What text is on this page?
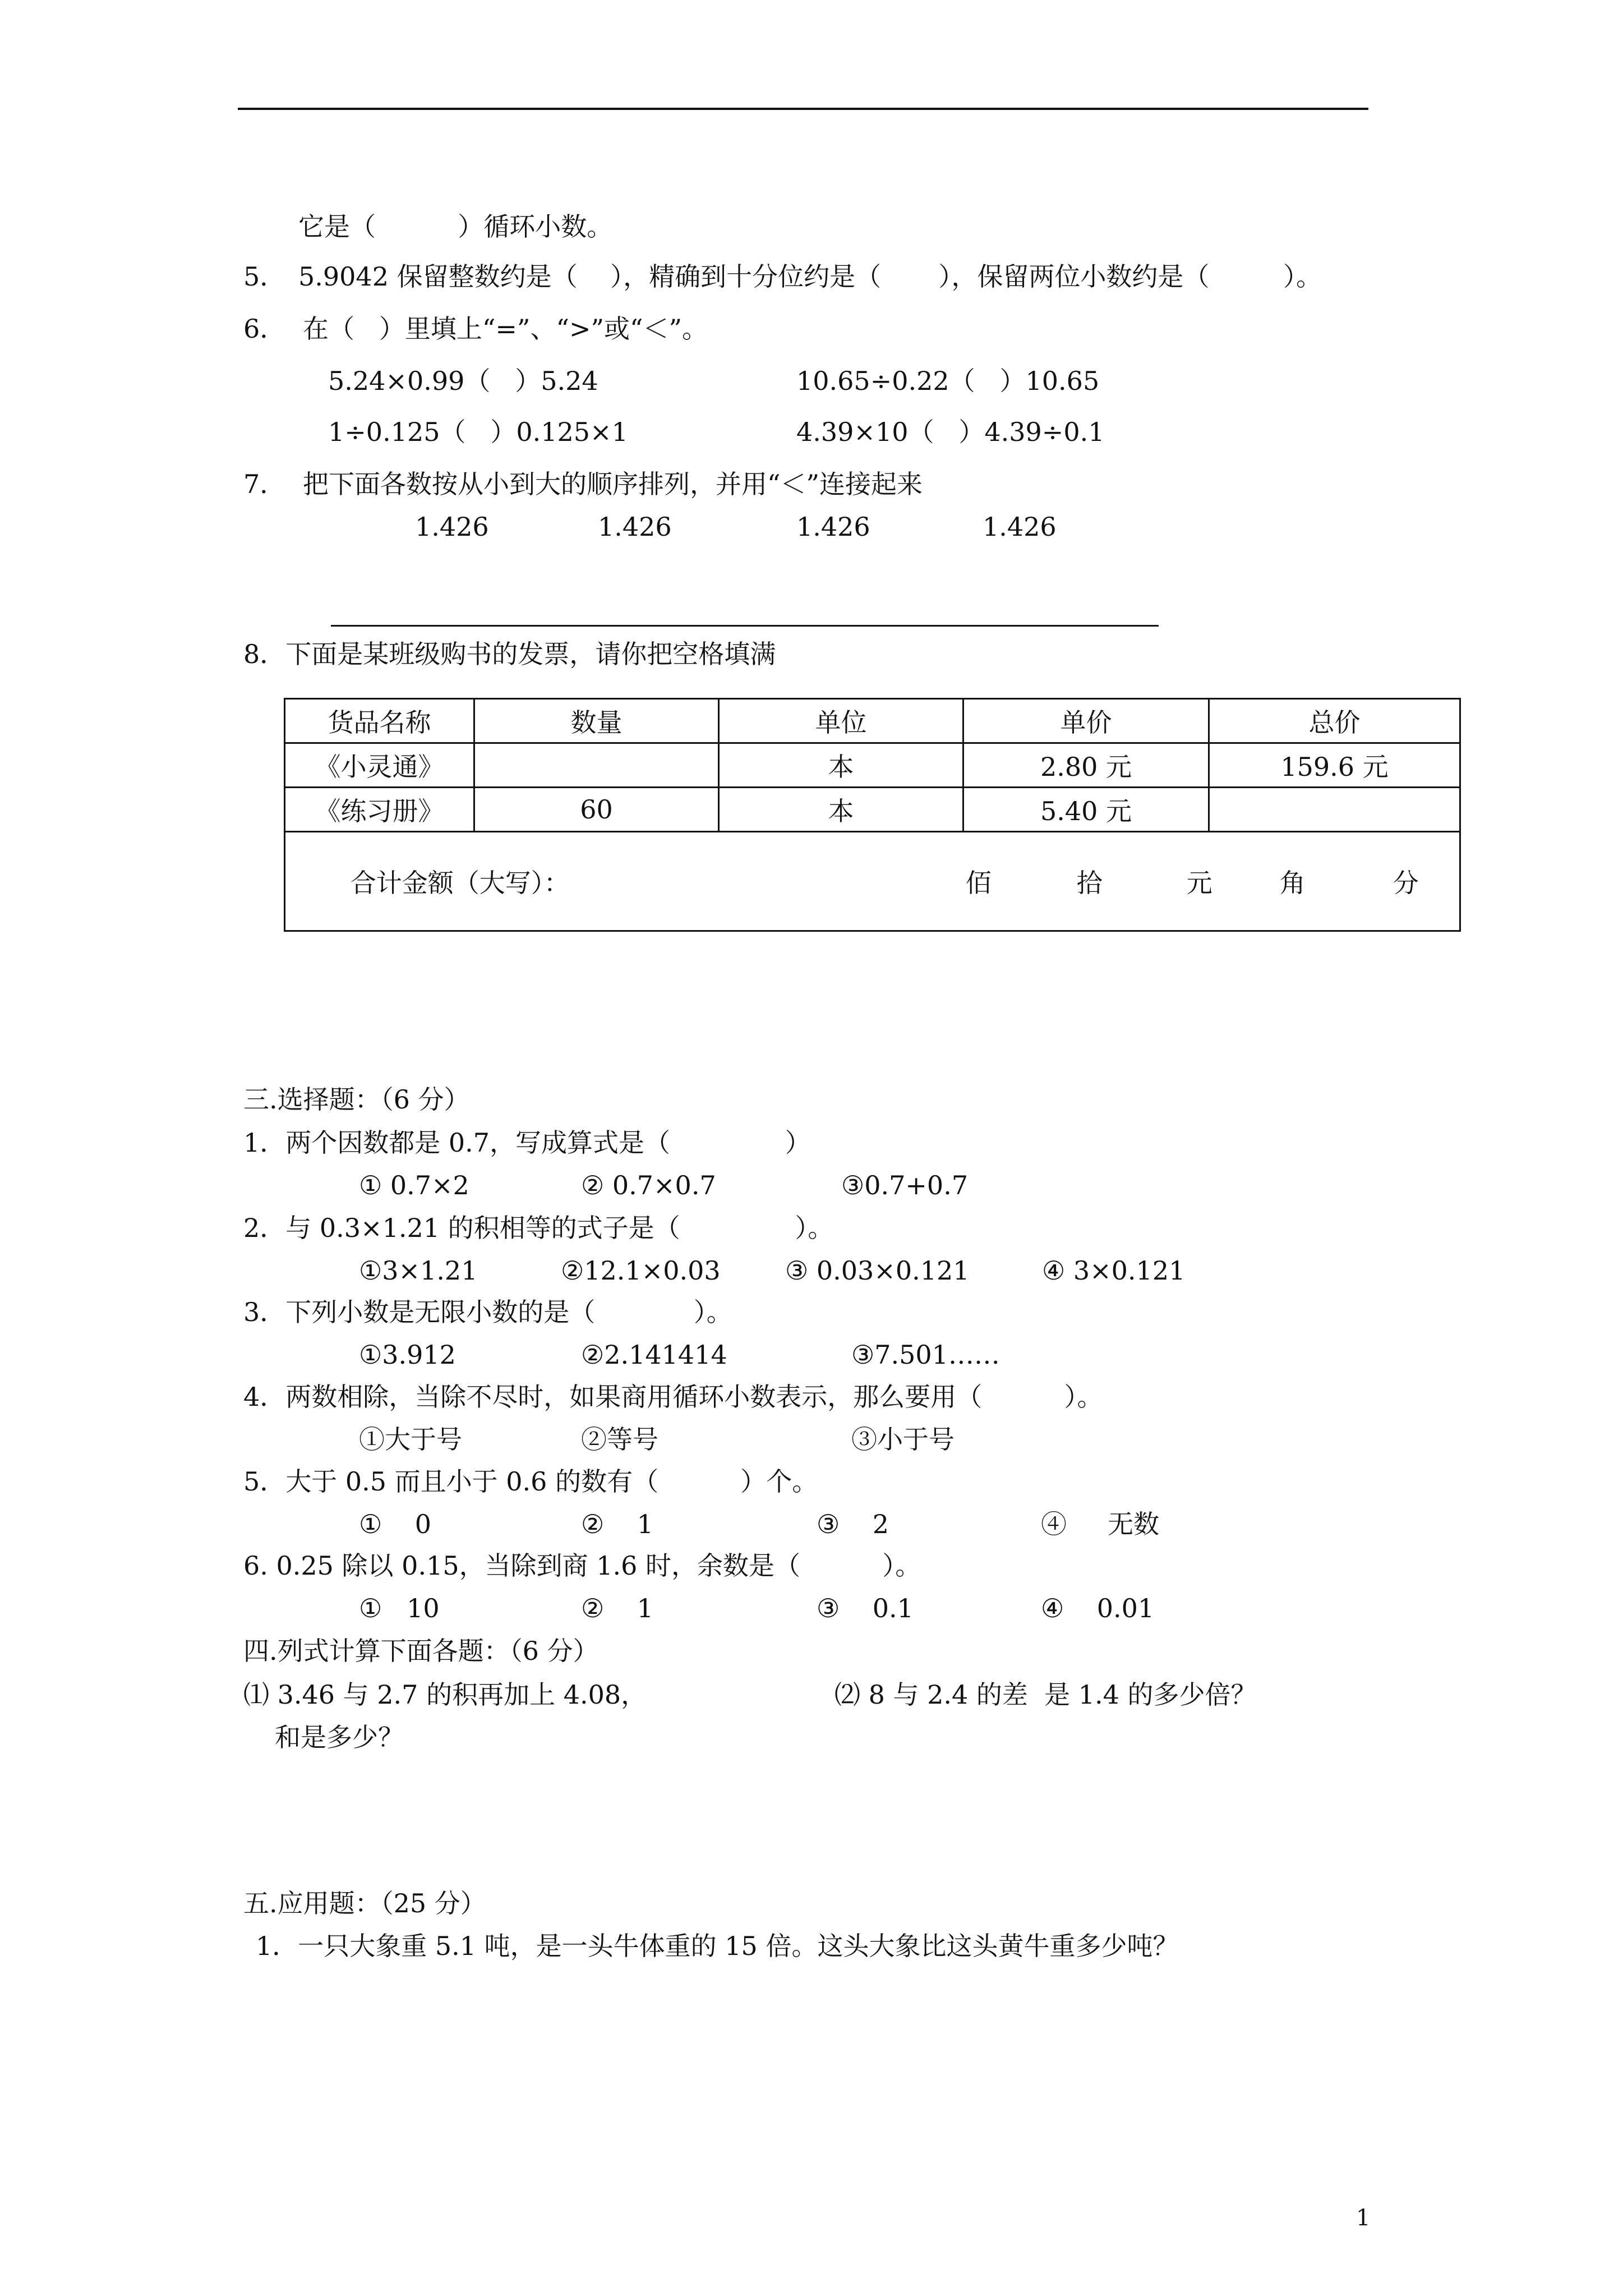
它是（          ）循环小数。
5． 5.9042 保留整数约是（    ），精确到十分位约是（       ），保留两位小数约是（         ）。
6． 在（   ）里填上“=”、“>”或“＜”。
5.24×0.99（   ）5.24	10.65÷0.22（   ）10.65
1÷0.125（   ）0.125×1	4.39×10（   ）4.39÷0.1
7． 把下面各数按从小到大的顺序排列，并用“＜”连接起来
1.426	1.426	1.426	1.426
8．下面是某班级购书的发票，请你把空格填满
货品名称	数量	单位	单价	总价
《小灵通》		本	2.80 元	159.6 元
《练习册》	60	本	5.40 元	

合计金额（大写）： 佰 拾 元 角 分				

三.选择题：（6 分）
1．两个因数都是 0.7，写成算式是（              ）
① 0.7×2	② 0.7×0.7	③0.7+0.7
2．与 0.3×1.21 的积相等的式子是（              ）。
①3×1.21	②12.1×0.03	③ 0.03×0.121	④ 3×0.121
3．下列小数是无限小数的是（            ）。
①3.912	②2.141414	③7.501……
4．两数相除，当除不尽时，如果商用循环小数表示，那么要用（          ）。
①大于号	②等号	③小于号
5．大于 0.5 而且小于 0.6 的数有（          ）个。
①    0	②    1	③    2	④     无数
6. 0.25 除以 0.15，当除到商 1.6 时，余数是（          ）。
①   10	②    1	③    0.1	④    0.01
四.列式计算下面各题：（6 分）
⑴ 3.46 与 2.7 的积再加上 4.08，
和是多少？
⑵ 8 与 2.4 的差  是 1.4 的多少倍？
五.应用题：（25 分）
1．一只大象重 5.1 吨，是一头牛体重的 15 倍。这头大象比这头黄牛重多少吨？
1
